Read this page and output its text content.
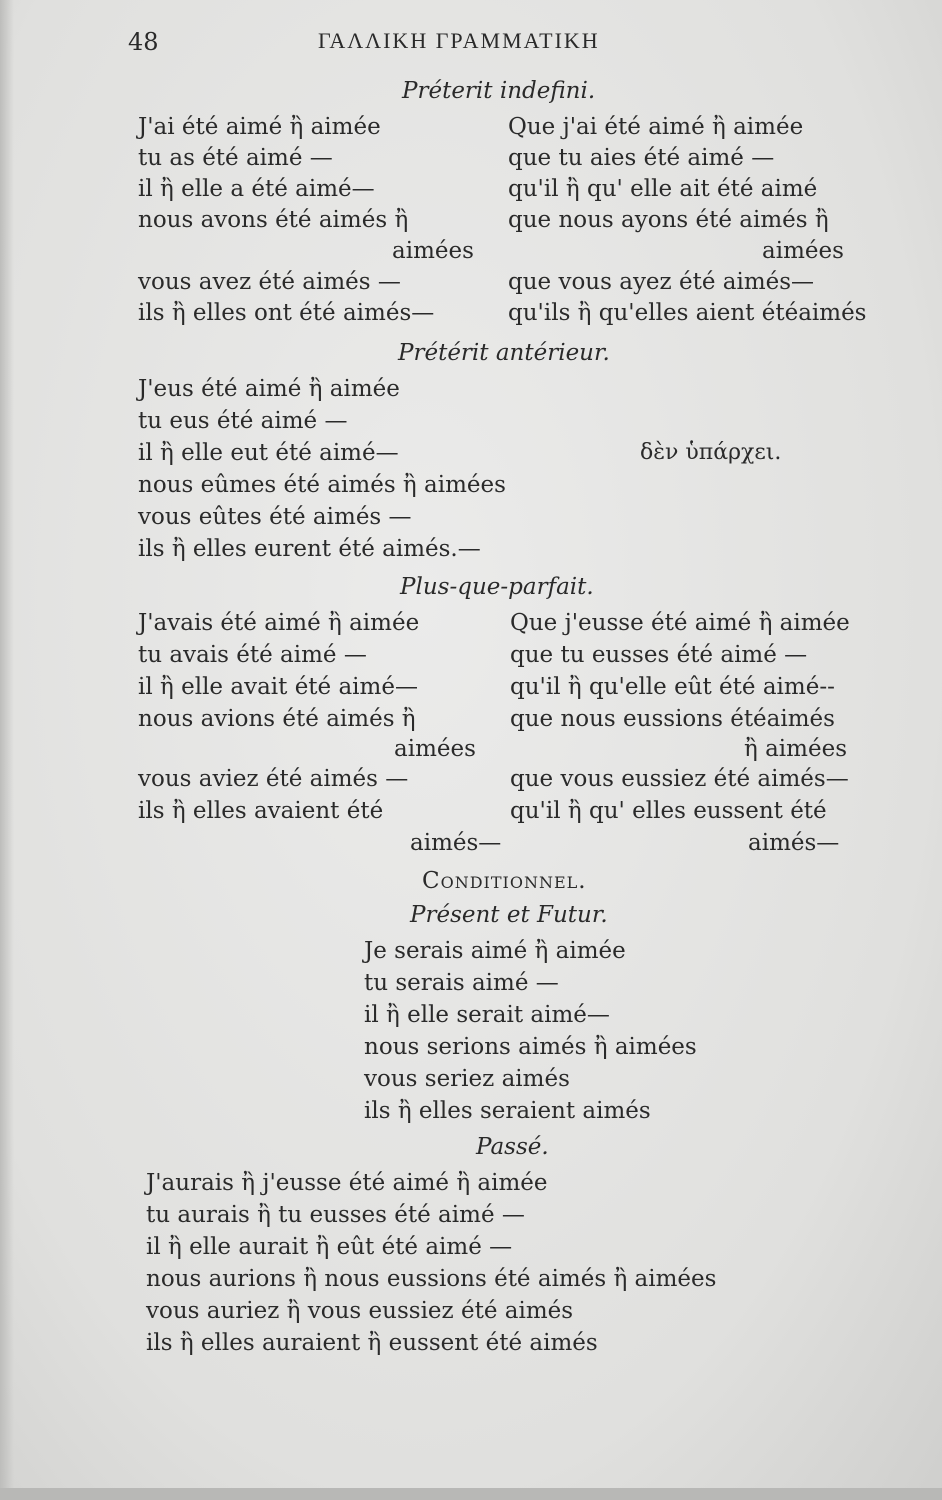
48	ΓΑΛΛΙΚΗ ΓΡΑΜΜΑΤΙΚΗ
Préterit indefini.
J'ai été aimé ἢ aimée
tu as été aimé —
il ἢ elle a été aimé—
nous avons été aimés ἢ
aimées
vous avez été aimés —
ils ἢ elles ont été aimés—
Que j'ai été aimé ἢ aimée
que tu aies été aimé —
qu'il ἢ qu' elle ait été aimé
que nous ayons été aimés ἢ
aimées
que vous ayez été aimés—
qu'ils ἢ qu'elles aient étéaimés
Prétérit antérieur.
J'eus été aimé ἢ aimée
tu eus été aimé —
il ἢ elle eut été aimé—
nous eûmes été aimés ἢ aimées
vous eûtes été aimés —
ils ἢ elles eurent été aimés.—
δὲν ὑπάρχει.
Plus-que-parfait.
J'avais été aimé ἢ aimée
tu avais été aimé —
il ἢ elle avait été aimé—
nous avions été aimés ἢ
aimées
vous aviez été aimés —
ils ἢ elles avaient été
aimés—
Que j'eusse été aimé ἢ aimée
que tu eusses été aimé —
qu'il ἢ qu'elle eût été aimé--
que nous eussions étéaimés
ἢ aimées
que vous eussiez été aimés—
qu'il ἢ qu' elles eussent été
aimés—
Conditionnel.
Présent et Futur.
Je serais aimé ἢ aimée
tu serais aimé —
il ἢ elle serait aimé—
nous serions aimés ἢ aimées
vous seriez aimés
ils ἢ elles seraient aimés
Passé.
J'aurais ἢ j'eusse été aimé ἢ aimée
tu aurais ἢ tu eusses été aimé —
il ἢ elle aurait ἢ eût été aimé —
nous aurions ἢ nous eussions été aimés ἢ aimées
vous auriez ἢ vous eussiez été aimés
ils ἢ elles auraient ἢ eussent été aimés
